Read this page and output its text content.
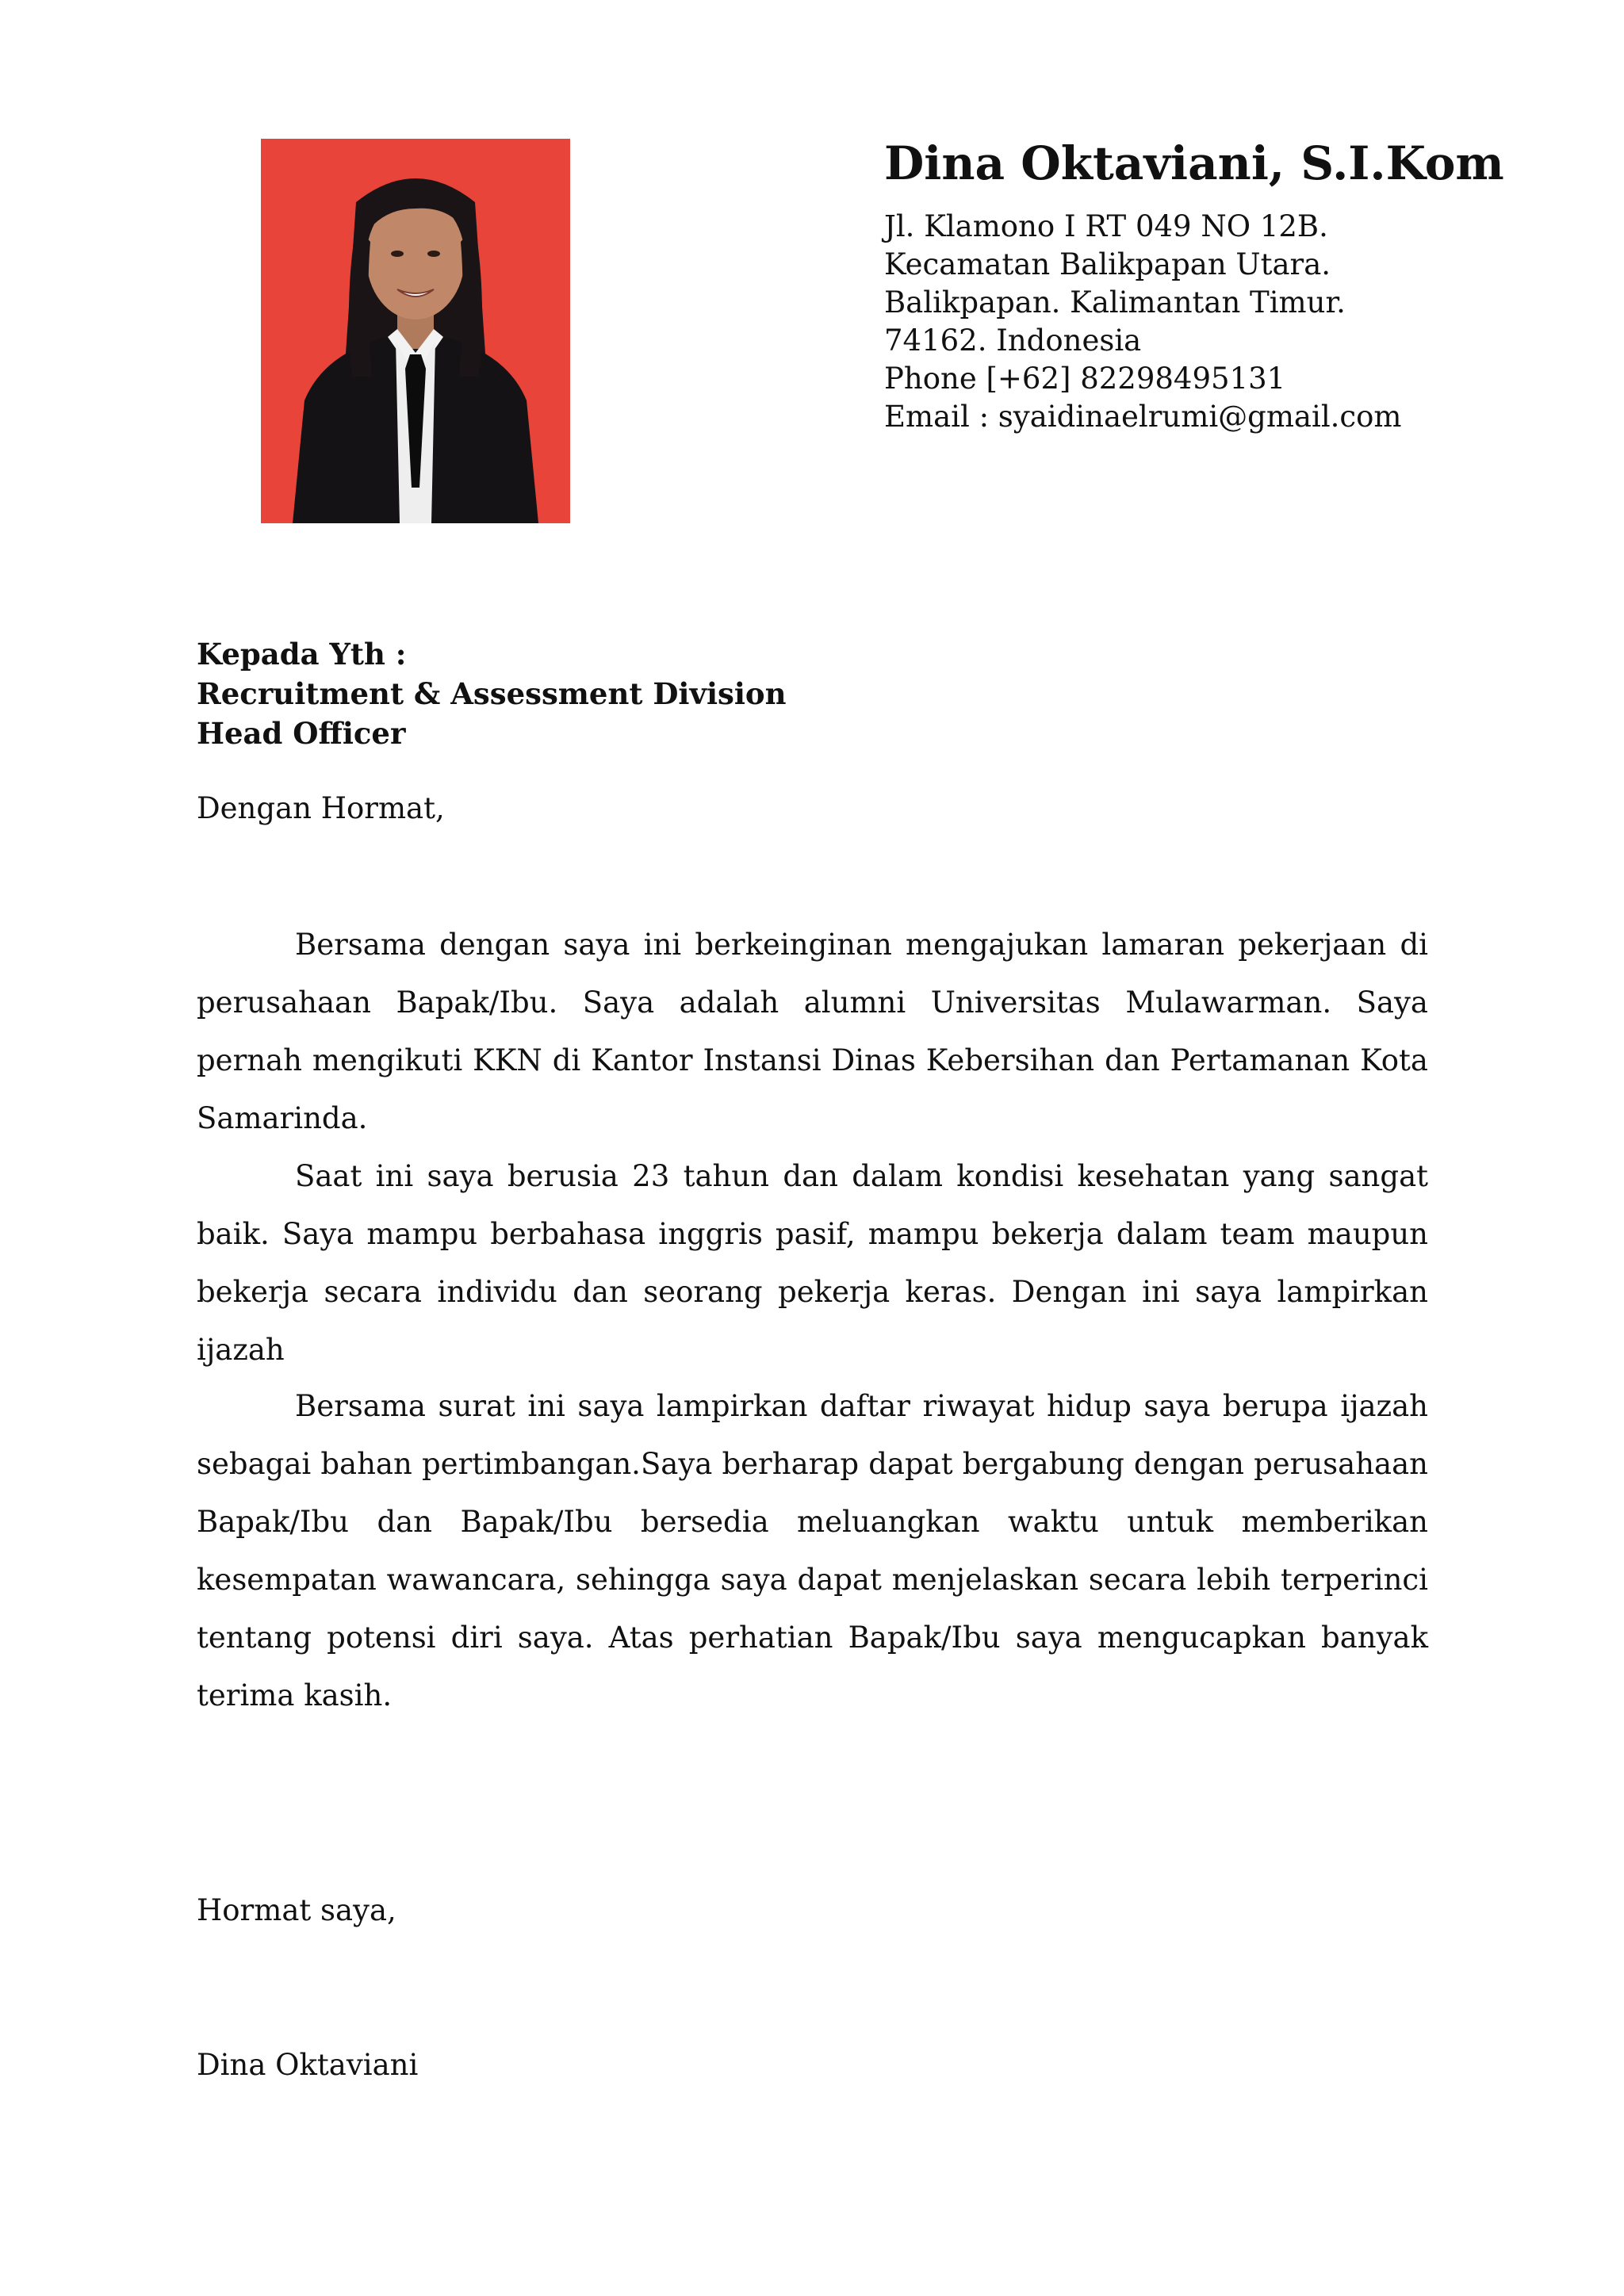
Dina Oktaviani, S.I.Kom
Jl. Klamono I RT 049 NO 12B.
Kecamatan Balikpapan Utara.
Balikpapan. Kalimantan Timur.
74162. Indonesia
Phone [+62] 82298495131
Email : syaidinaelrumi@gmail.com
Kepada Yth :
Recruitment & Assessment Division
Head Officer
Dengan Hormat,

Bersama dengan saya ini berkeinginan mengajukan lamaran pekerjaan di perusahaan Bapak/Ibu. Saya adalah alumni Universitas Mulawarman. Saya pernah mengikuti KKN di Kantor Instansi Dinas Kebersihan dan Pertamanan Kota Samarinda.

Saat ini saya berusia 23 tahun dan dalam kondisi kesehatan yang sangat baik. Saya mampu berbahasa inggris pasif, mampu bekerja dalam team maupun bekerja secara individu dan seorang pekerja keras. Dengan ini saya lampirkan ijazah

Bersama surat ini saya lampirkan daftar riwayat hidup saya berupa ijazah sebagai bahan pertimbangan.Saya berharap dapat bergabung dengan perusahaan Bapak/Ibu dan Bapak/Ibu bersedia meluangkan waktu untuk memberikan kesempatan wawancara, sehingga saya dapat menjelaskan secara lebih terperinci tentang potensi diri saya. Atas perhatian Bapak/Ibu saya mengucapkan banyak terima kasih.

Hormat saya,
Dina Oktaviani
